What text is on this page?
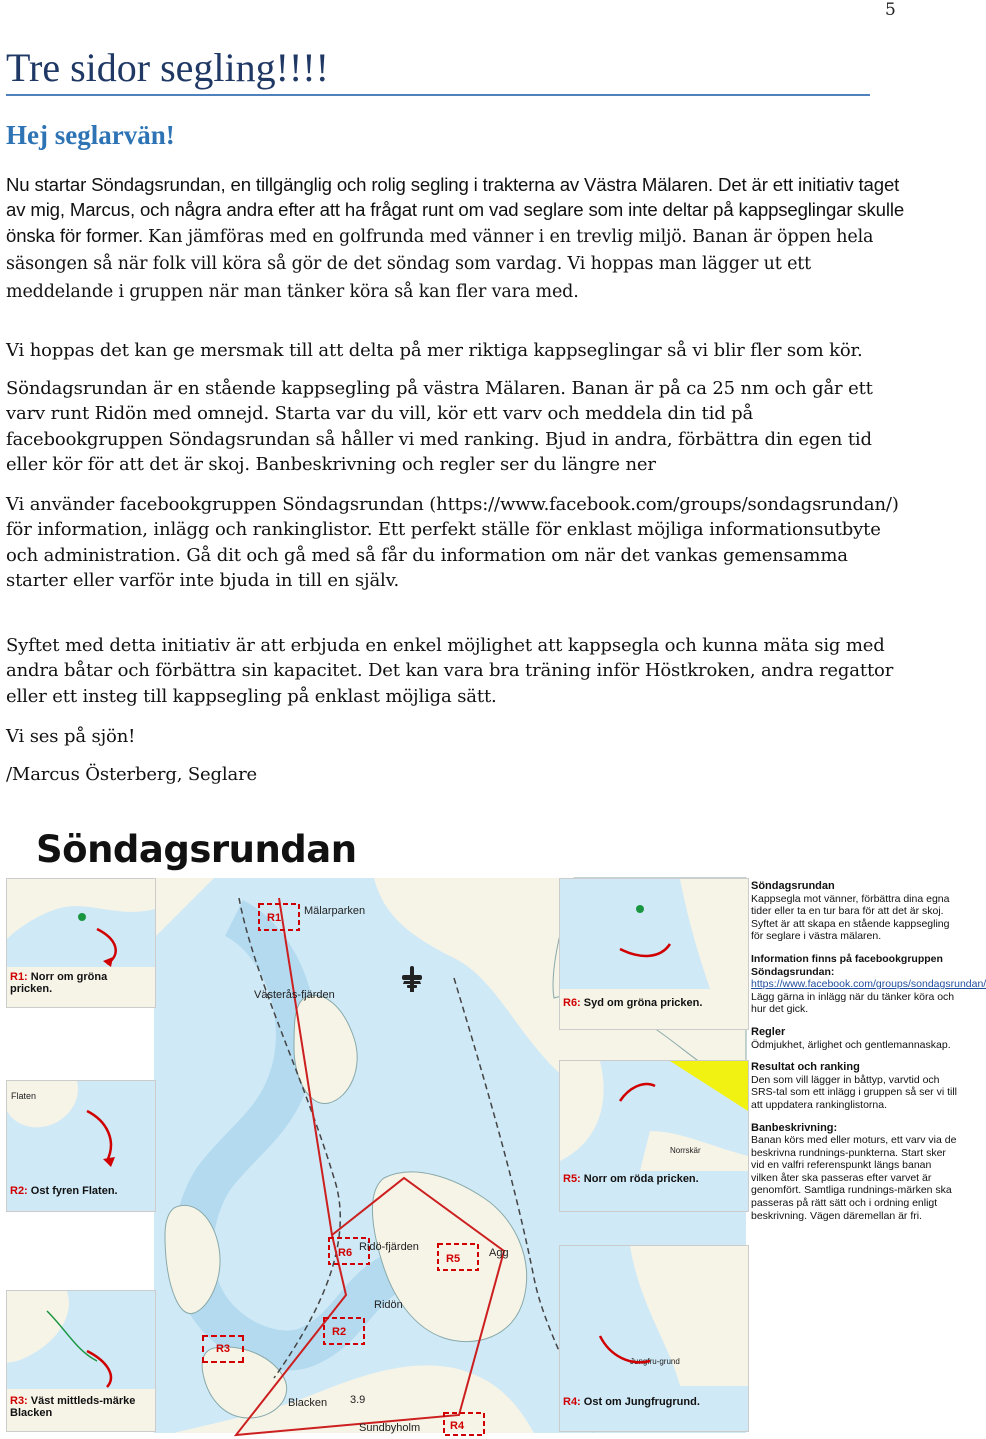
5
Tre sidor segling!!!!
Hej seglarvän!

Nu startar Söndagsrundan, en tillgänglig och rolig segling i trakterna av Västra Mälaren. Det är ett initiativ taget av mig, Marcus, och några andra efter att ha frågat runt om vad seglare som inte deltar på kappseglingar skulle önska för former. Kan jämföras med en golfrunda med vänner i en trevlig miljö. Banan är öppen hela säsongen så när folk vill köra så gör de det söndag som vardag. Vi hoppas man lägger ut ett meddelande i gruppen när man tänker köra så kan fler vara med.

Vi hoppas det kan ge mersmak till att delta på mer riktiga kappseglingar så vi blir fler som kör.

Söndagsrundan är en stående kappsegling på västra Mälaren. Banan är på ca 25 nm och går ett varv runt Ridön med omnejd. Starta var du vill, kör ett varv och meddela din tid på facebookgruppen Söndagsrundan så håller vi med ranking. Bjud in andra, förbättra din egen tid eller kör för att det är skoj. Banbeskrivning och regler ser du längre ner

Vi använder facebookgruppen Söndagsrundan (https://www.facebook.com/groups/sondagsrundan/) för information, inlägg och rankinglistor. Ett perfekt ställe för enklast möjliga informationsutbyte och administration. Gå dit och gå med så får du information om när det vankas gemensamma starter eller varför inte bjuda in till en själv.

Syftet med detta initiativ är att erbjuda en enkel möjlighet att kappsegla och kunna mäta sig med andra båtar och förbättra sin kapacitet. Det kan vara bra träning inför Höstkroken, andra regattor eller ett insteg till kappsegling på enklast möjliga sätt.

Vi ses på sjön!

/Marcus Österberg, Seglare

Söndagsrundan
R1
R2
R4
R5
R6
Mälarparken
Västerås-fjärden
Ridö-fjärden
Ridön
Agg
Blacken 3.9
Sundbyholm
R3
R1: Norr om gröna pricken.
Flaten
R2: Ost fyren Flaten.
R3: Väst mittleds-märke Blacken
R6: Syd om gröna pricken.
Norrskär
R5: Norr om röda pricken.
Jungfru-grund
R4: Ost om Jungfrugrund.
Söndagsrundan
Kappsegla mot vänner, förbättra dina egna tider eller ta en tur bara för att det är skoj. Syftet är att skapa en stående kappsegling för seglare i västra mälaren.
Information finns på facebookgruppen Söndagsrundan:
https://www.facebook.com/groups/sondagsrundan/
Lägg gärna in inlägg när du tänker köra och hur det gick.
Regler
Ödmjukhet, ärlighet och gentlemannaskap.
Resultat och ranking
Den som vill lägger in båttyp, varvtid och SRS-tal som ett inlägg i gruppen så ser vi till att uppdatera rankinglistorna.
Banbeskrivning:
Banan körs med eller moturs, ett varv via de beskrivna rundnings-punkterna. Start sker vid en valfri referenspunkt längs banan vilken åter ska passeras efter varvet är genomfört. Samtliga rundnings-märken ska passeras på rätt sätt och i ordning enligt beskrivning. Vägen däremellan är fri.
